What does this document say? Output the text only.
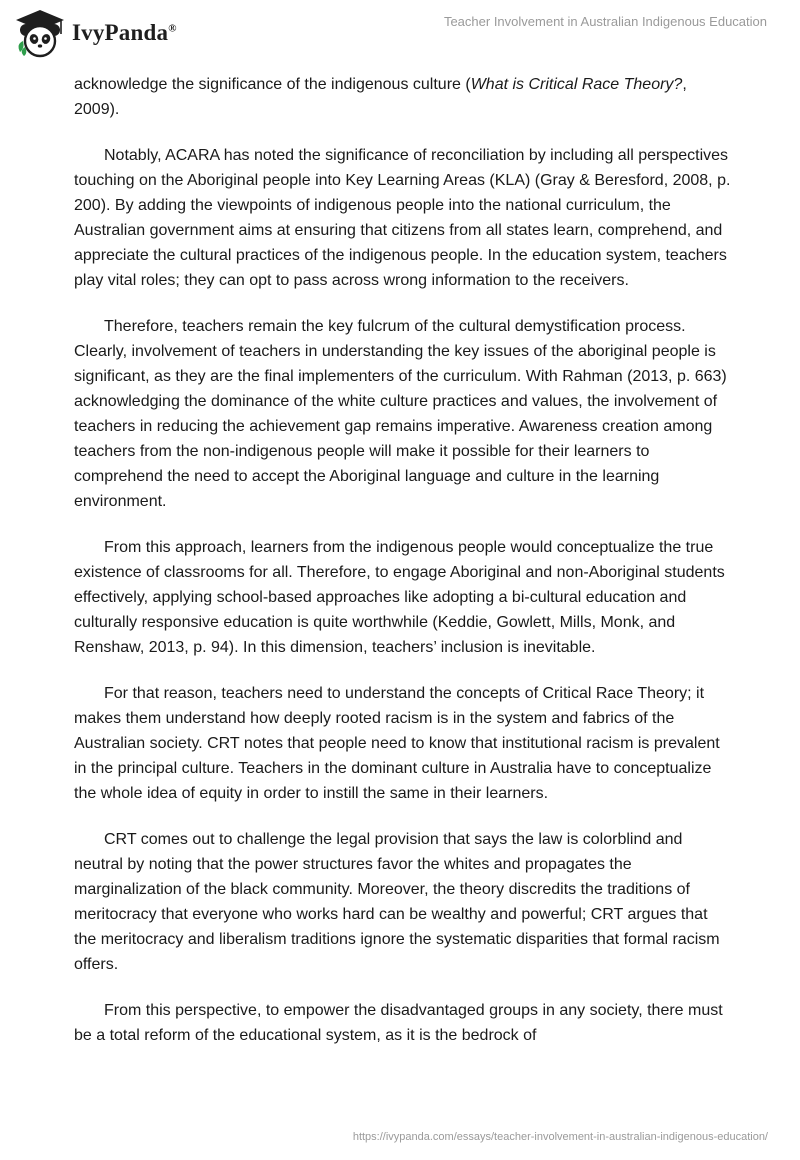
IvyPanda®	Teacher Involvement in Australian Indigenous Education

acknowledge the significance of the indigenous culture (What is Critical Race Theory?, 2009).

Notably, ACARA has noted the significance of reconciliation by including all perspectives touching on the Aboriginal people into Key Learning Areas (KLA) (Gray & Beresford, 2008, p. 200). By adding the viewpoints of indigenous people into the national curriculum, the Australian government aims at ensuring that citizens from all states learn, comprehend, and appreciate the cultural practices of the indigenous people. In the education system, teachers play vital roles; they can opt to pass across wrong information to the receivers.

Therefore, teachers remain the key fulcrum of the cultural demystification process. Clearly, involvement of teachers in understanding the key issues of the aboriginal people is significant, as they are the final implementers of the curriculum. With Rahman (2013, p. 663) acknowledging the dominance of the white culture practices and values, the involvement of teachers in reducing the achievement gap remains imperative. Awareness creation among teachers from the non-indigenous people will make it possible for their learners to comprehend the need to accept the Aboriginal language and culture in the learning environment.

From this approach, learners from the indigenous people would conceptualize the true existence of classrooms for all. Therefore, to engage Aboriginal and non-Aboriginal students effectively, applying school-based approaches like adopting a bi-cultural education and culturally responsive education is quite worthwhile (Keddie, Gowlett, Mills, Monk, and Renshaw, 2013, p. 94). In this dimension, teachers’ inclusion is inevitable.

For that reason, teachers need to understand the concepts of Critical Race Theory; it makes them understand how deeply rooted racism is in the system and fabrics of the Australian society. CRT notes that people need to know that institutional racism is prevalent in the principal culture. Teachers in the dominant culture in Australia have to conceptualize the whole idea of equity in order to instill the same in their learners.

CRT comes out to challenge the legal provision that says the law is colorblind and neutral by noting that the power structures favor the whites and propagates the marginalization of the black community. Moreover, the theory discredits the traditions of meritocracy that everyone who works hard can be wealthy and powerful; CRT argues that the meritocracy and liberalism traditions ignore the systematic disparities that formal racism offers.

From this perspective, to empower the disadvantaged groups in any society, there must be a total reform of the educational system, as it is the bedrock of

https://ivypanda.com/essays/teacher-involvement-in-australian-indigenous-education/
